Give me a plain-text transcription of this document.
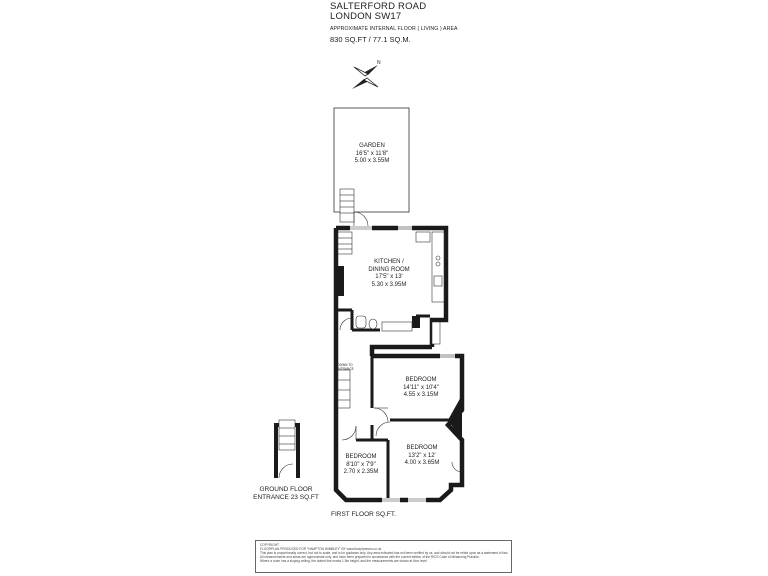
SALTERFORD ROAD
LONDON SW17
APPROXIMATE INTERNAL FLOOR ( LIVING ) AREA
830 SQ.FT / 77.1 SQ.M.
N
GARDEN
16'5" x 11'8"
5.00 x 3.55M
KITCHEN /
DINING ROOM
17'5" x 13'
5.30 x 3.95M
BEDROOM
14'11" x 10'4"
4.55 x 3.15M
BEDROOM
13'2" x 12'
4.00 x 3.65M
BEDROOM
8'10" x 7'9"
2.70 x 2.35M
DOWN TO
ENTRANCE
GROUND FLOOR
ENTRANCE 23 SQ.FT
FIRST FLOOR SQ.FT.
COPYRIGHT
FLOORPLAN PRODUCED FOR "HAMPTON WIMBLEY" BY www.floorplanners.co.uk
This plan is proportionally correct, but not to scale, and is for guidance only. Any area indicated has not been verified by us, and should not be relied upon as a statement of fact.
All measurements and areas are approximate only, and have been prepared in accordance with the current edition of the RICS Code of Measuring Practice.
Where a room has a sloping ceiling, the dotted line marks 1.5m height, and the measurements are shown at floor level.
